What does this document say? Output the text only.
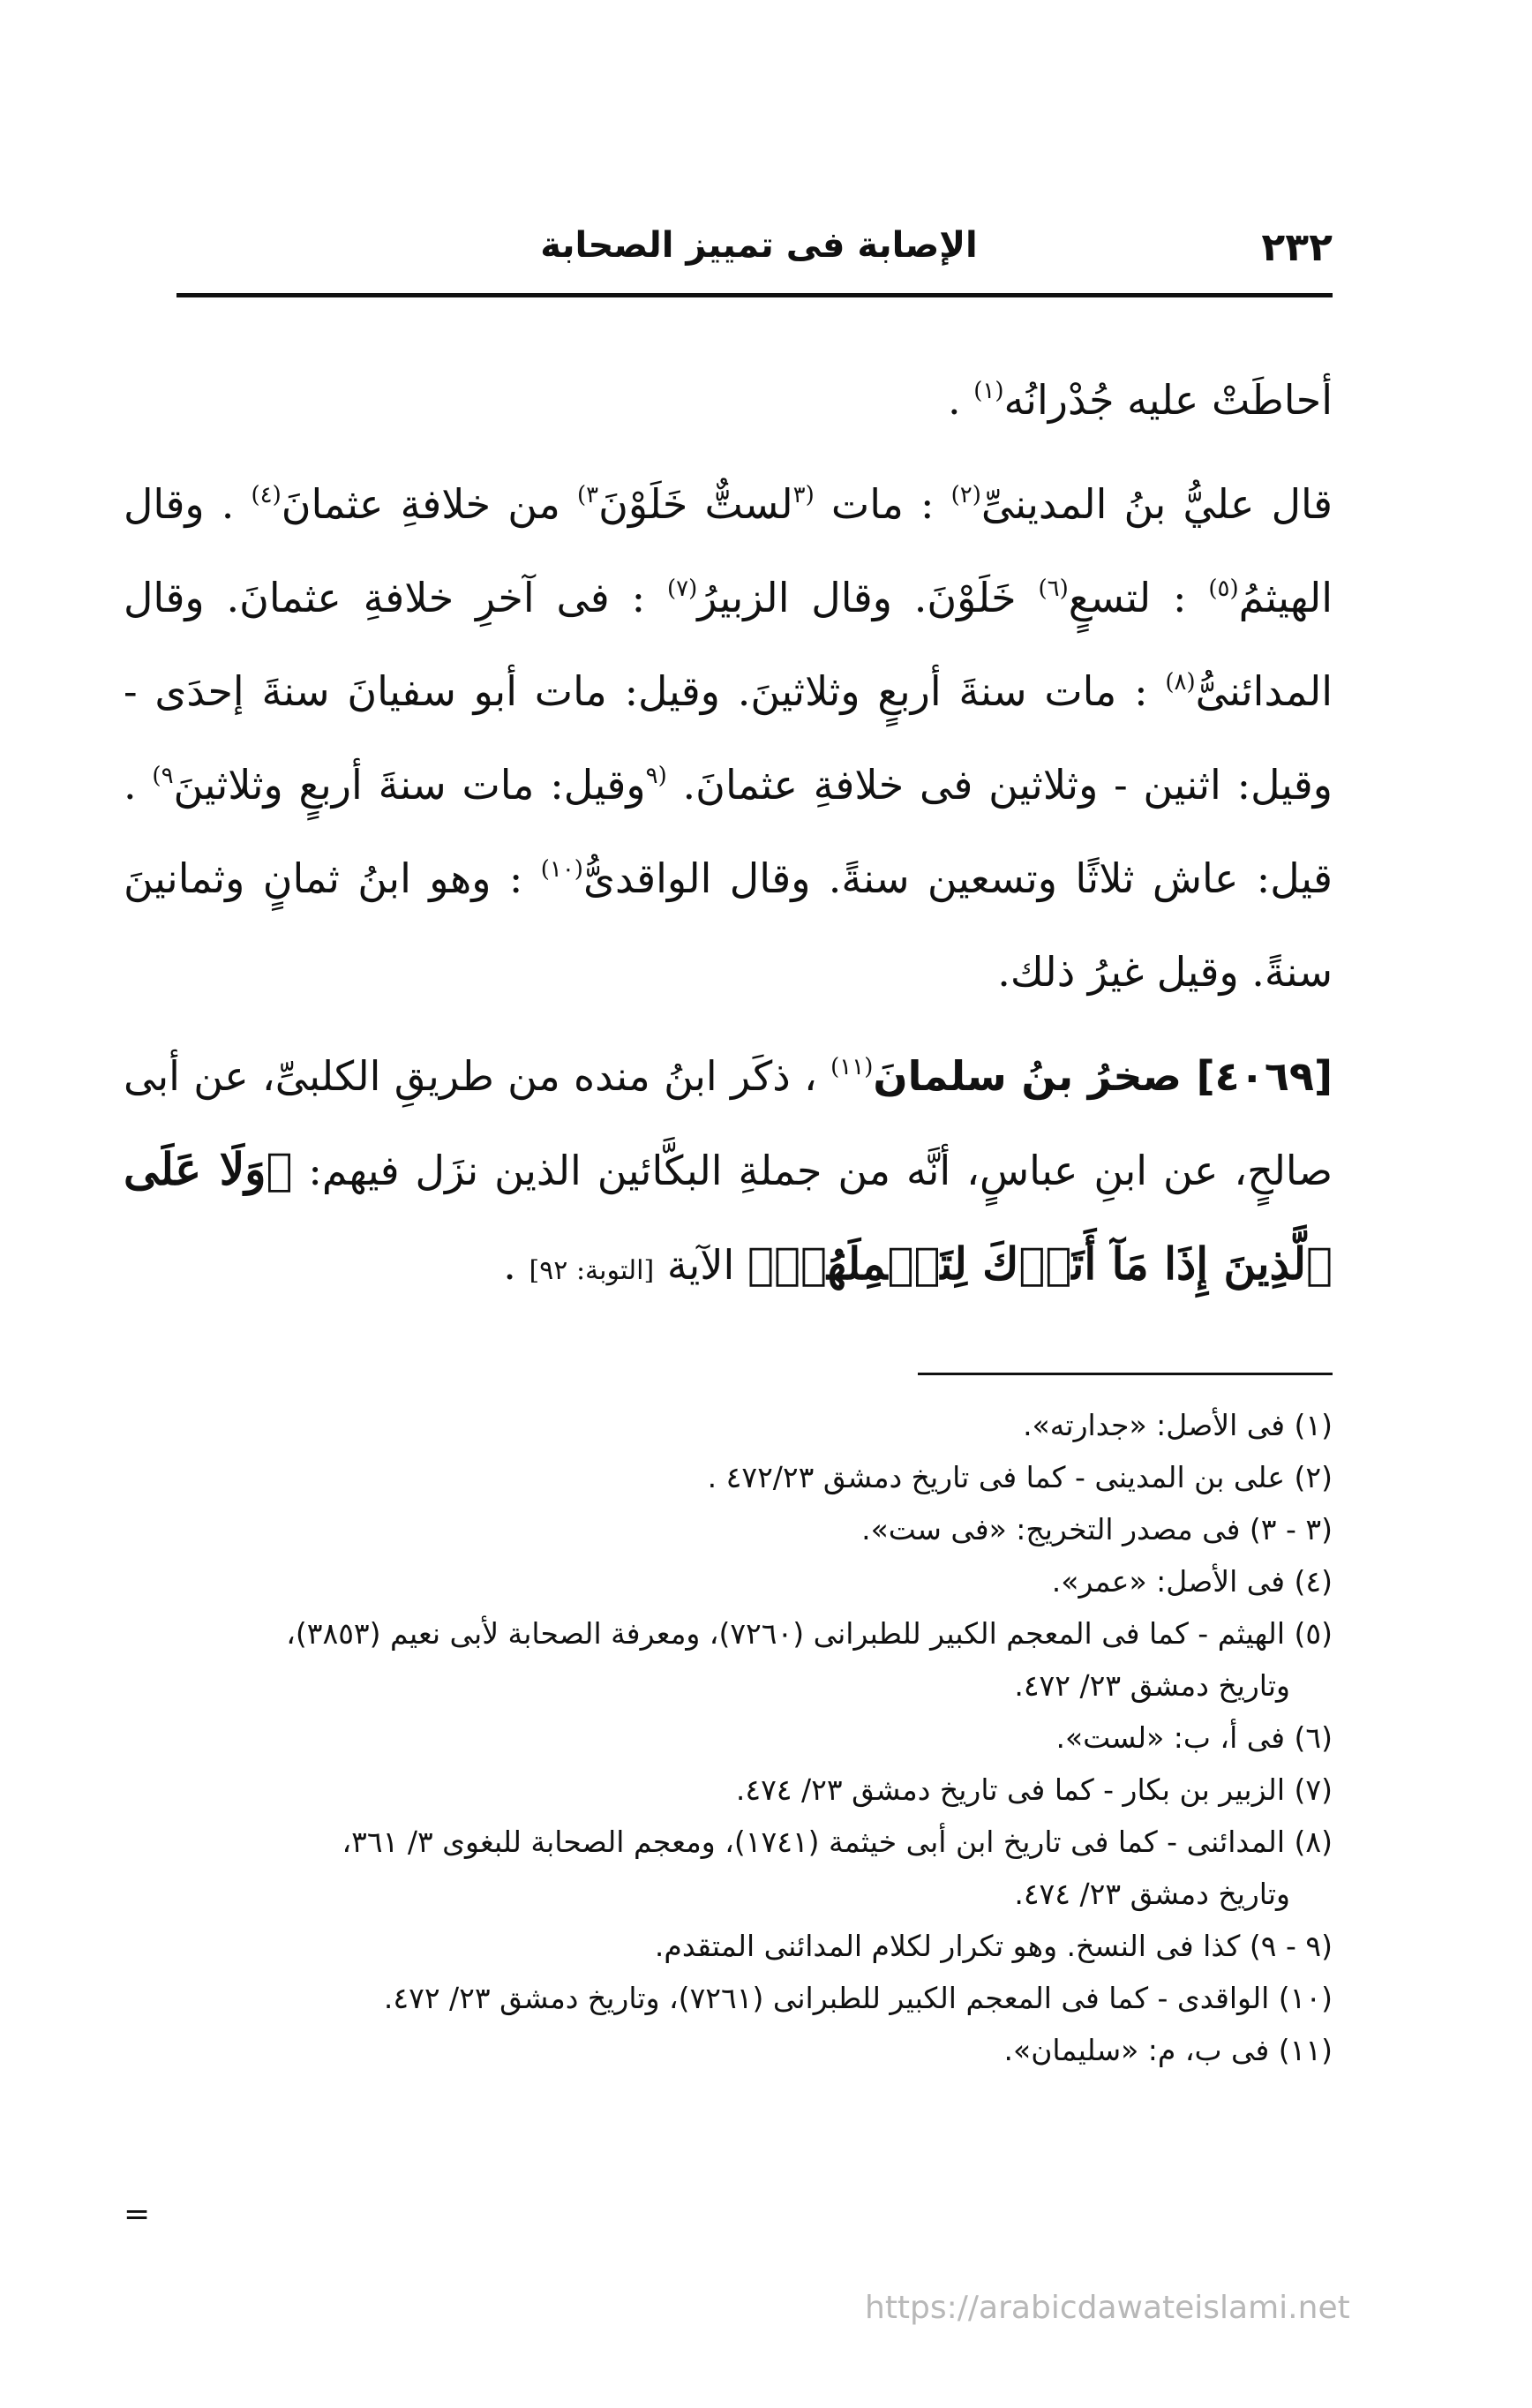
٢٣٢
الإصابة فى تمييز الصحابة

أحاطَتْ عليه جُدْرانُه$^{(١)}$ .

قال عليُّ بنُ المدينىِّ$^{(٢)}$ : مات $^{(٣}$لستٌّ خَلَوْنَ$^{٣)}$ من خلافةِ عثمانَ$^{(٤)}$ . وقال الهيثمُ$^{(٥)}$ : لتسعٍ$^{(٦)}$ خَلَوْنَ. وقال الزبيرُ$^{(٧)}$ : فى آخرِ خلافةِ عثمانَ. وقال المدائنىُّ$^{(٨)}$ : مات سنةَ أربعٍ وثلاثينَ. وقيل: مات أبو سفيانَ سنةَ إحدَى - وقيل: اثنين - وثلاثين فى خلافةِ عثمانَ. $^{(٩}$وقيل: مات سنةَ أربعٍ وثلاثينَ$^{٩)}$ . قيل: عاش ثلاثًا وتسعين سنةً. وقال الواقدىُّ$^{(١٠)}$ : وهو ابنُ ثمانٍ وثمانينَ سنةً. وقيل غيرُ ذلك.

[٤٠٦٩] صخرُ بنُ سلمانَ$^{(١١)}$ ، ذكَر ابنُ منده من طريقِ الكلبىِّ، عن أبى صالحٍ، عن ابنِ عباسٍ، أنَّه من جملةِ البكَّائين الذين نزَل فيهم: ﴿وَلَا عَلَى ٱلَّذِينَ إِذَا مَآ أَتَوۡكَ لِتَحۡمِلَهُمۡ﴾ الآية [التوبة: ٩٢] .

(١) فى الأصل: «جدارته».

(٢) على بن المدينى - كما فى تاريخ دمشق ٤٧٢/٢٣ .

(٣ - ٣) فى مصدر التخريج: «فى ست».

(٤) فى الأصل: «عمر».

(٥) الهيثم - كما فى المعجم الكبير للطبرانى (٧٢٦٠)، ومعرفة الصحابة لأبى نعيم (٣٨٥٣)،

وتاريخ دمشق ٢٣/ ٤٧٢.

(٦) فى أ، ب: «لست».

(٧) الزبير بن بكار - كما فى تاريخ دمشق ٢٣/ ٤٧٤.

(٨) المدائنى - كما فى تاريخ ابن أبى خيثمة (١٧٤١)، ومعجم الصحابة للبغوى ٣/ ٣٦١،

وتاريخ دمشق ٢٣/ ٤٧٤.

(٩ - ٩) كذا فى النسخ. وهو تكرار لكلام المدائنى المتقدم.

(١٠) الواقدى - كما فى المعجم الكبير للطبرانى (٧٢٦١)، وتاريخ دمشق ٢٣/ ٤٧٢.

(١١) فى ب، م: «سليمان».

=
https://arabicdawateislami.net
